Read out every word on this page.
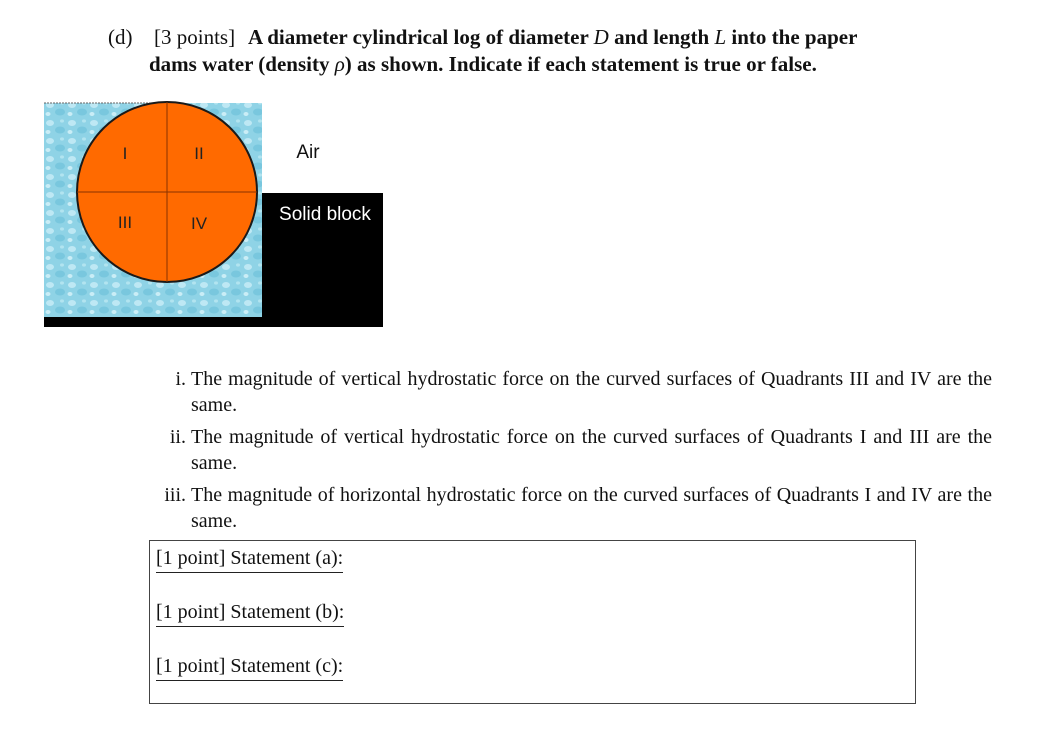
(d) [3 points] A diameter cylindrical log of diameter D and length L into the paper
dams water (density ρ) as shown. Indicate if each statement is true or false.
I	II
III	IV
Air
Solid block
i. The magnitude of vertical hydrostatic force on the curved surfaces of Quadrants III and IV are the same.
ii. The magnitude of vertical hydrostatic force on the curved surfaces of Quadrants I and III are the same.
iii. The magnitude of horizontal hydrostatic force on the curved surfaces of Quadrants I and IV are the same.
[1 point] Statement (a):
[1 point] Statement (b):
[1 point] Statement (c):
